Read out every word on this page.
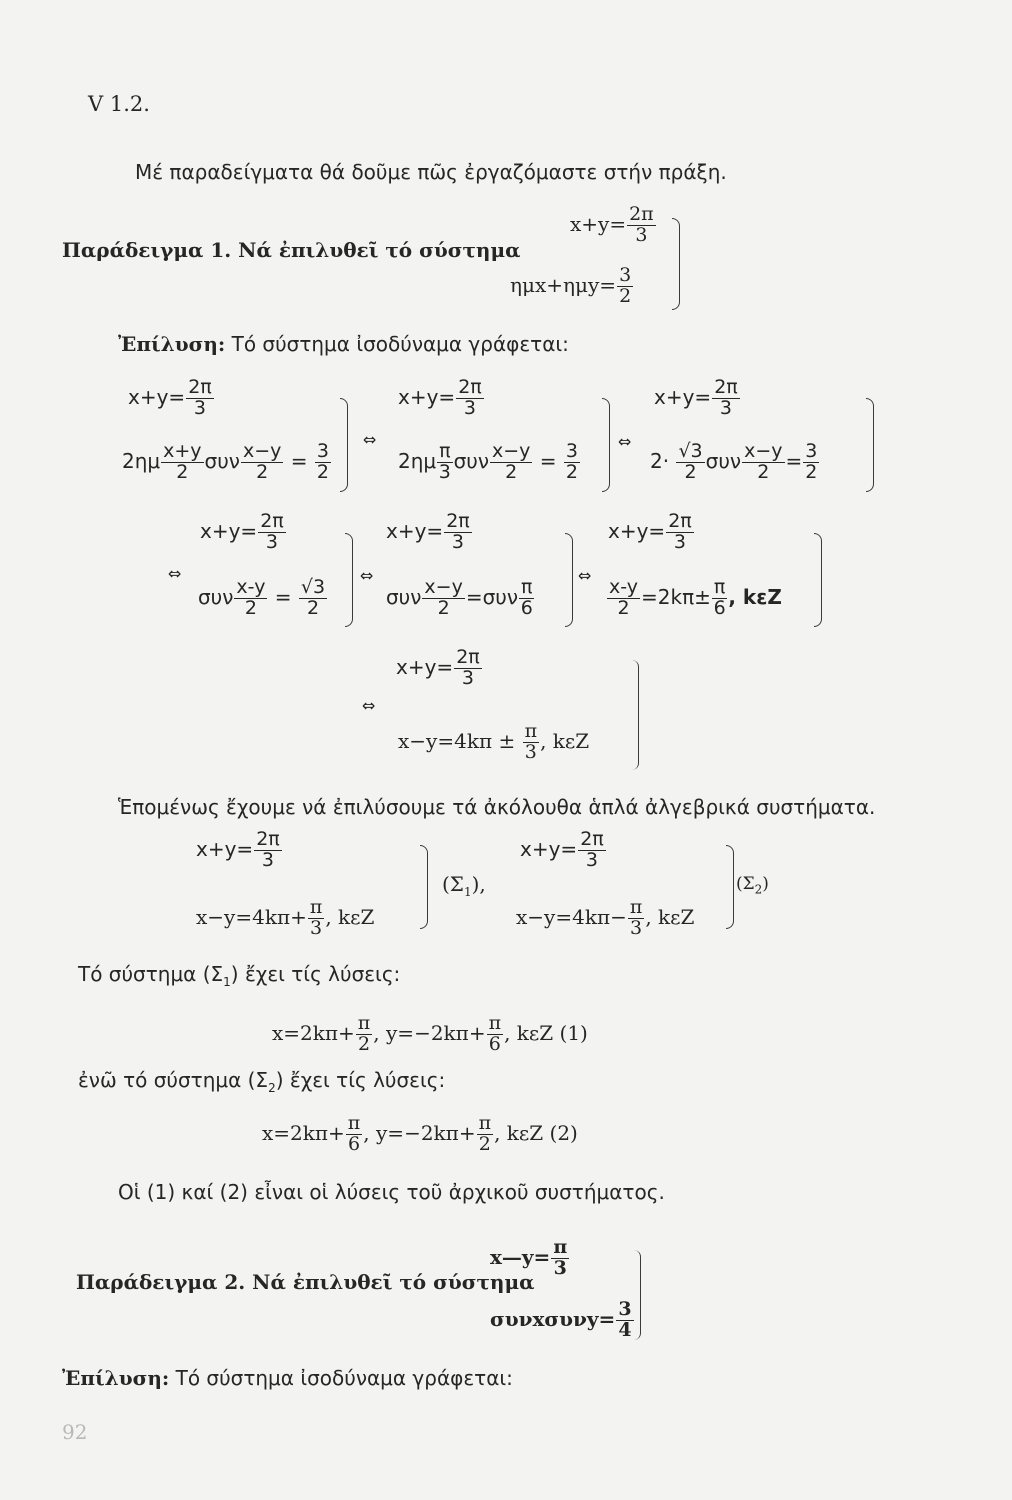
V 1.2.
Μέ παραδείγματα θά δοῦμε πῶς ἐργαζόμαστε στήν πράξη.
Παράδειγμα 1. Νά ἐπιλυθεῖ τό σύστημα
$x+y= \frac{2\pi}{3}$
$\eta\mu x+\eta\mu y= \frac{3}{2}$
Ἐπίλυση: Τό σύστημα ἰσοδύναμα γράφεται:
$x+y= \frac{2\pi}{3}$
$2\eta\mu \frac{x+y}{2}$ συν $\frac{x-y}{2} = \frac{3}{2}$
⇔
$x+y= \frac{2\pi}{3}$
$2\eta\mu \frac{\pi}{3}$ συν $\frac{x-y}{2} = \frac{3}{2}$
⇔
$x+y= \frac{2\pi}{3}$
$2\cdot \frac{√3}{2}$ συν $\frac{x-y}{2} = \frac{3}{2}$
$x+y= \frac{2\pi}{3}$
⇔
συν $\frac{x-y}{2} = \frac{√3}{2}$
⇔
$x+y= \frac{2\pi}{3}$
συν $\frac{x-y}{2} =\sigma\upsilon\nu \frac{\pi}{6}$
⇔
$x+y= \frac{2\pi}{3}$
$\frac{x-y}{2} =2k\pi\pm \frac{\pi}{6}$ , kεZ
$x+y= \frac{2\pi}{3}$
⇔
$x-y=4k\pi \pm \frac{\pi}{3}$ , kεZ
Ἑπομένως ἔχουμε νά ἐπιλύσουμε τά ἀκόλουθα ἁπλά ἀλγεβρικά συστήματα.
$x+y= \frac{2\pi}{3}$
$x-y=4k\pi+ \frac{\pi}{3}$ , kεZ
$(\Sigma_1)$,
$x+y= \frac{2\pi}{3}$
$x-y=4k\pi- \frac{\pi}{3}$ , kεZ
$(\Sigma_2)$
Τό σύστημα $(\Sigma_1)$ ἔχει τίς λύσεις:
$x=2k\pi+ \frac{\pi}{2}$ , $y=-2k\pi+ \frac{\pi}{6}$ , kεZ (1)
ἐνῶ τό σύστημα $(\Sigma_2)$ ἔχει τίς λύσεις:
$x=2k\pi+ \frac{\pi}{6}$ , $y=-2k\pi+ \frac{\pi}{2}$ , kεZ (2)
Οἱ (1) καί (2) εἶναι οἱ λύσεις τοῦ ἀρχικοῦ συστήματος.
Παράδειγμα 2. Νά ἐπιλυθεῖ τό σύστημα
x—y= $\frac{\pi}{3}$
$\sigma\upsilon\nu x\sigma\upsilon\nu y= \frac{3}{4}$
Ἐπίλυση: Τό σύστημα ἰσοδύναμα γράφεται:
92
